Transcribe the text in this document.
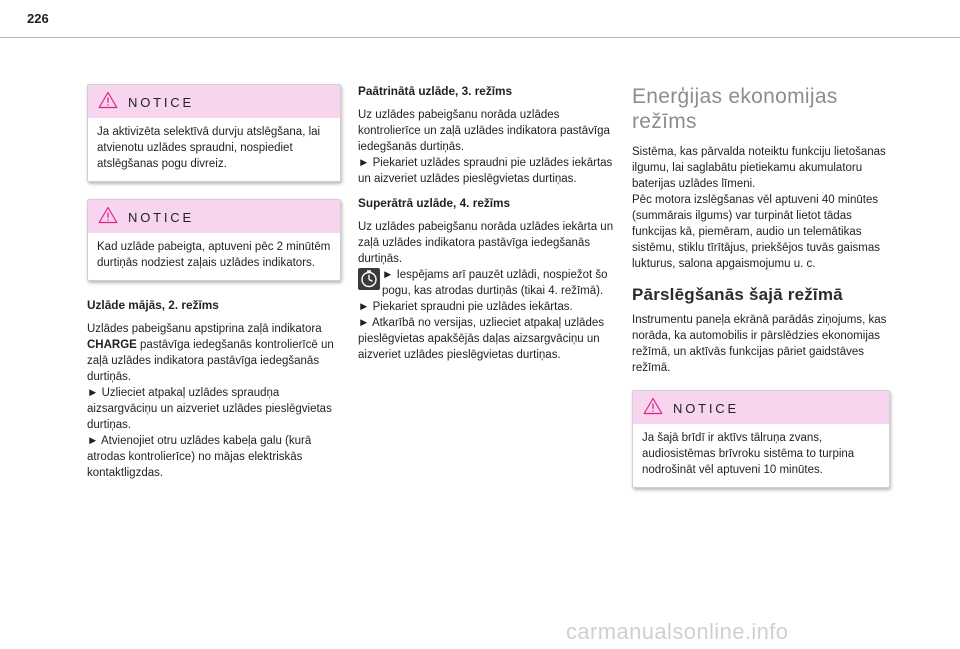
226
NOTICE
Ja aktivizēta selektīvā durvju atslēgšana, lai atvienotu uzlādes spraudni, nospiediet atslēgšanas pogu divreiz.
NOTICE
Kad uzlāde pabeigta, aptuveni pēc 2 minūtēm durtiņās nodziest zaļais uzlādes indikators.
Uzlāde mājās, 2. režīms

Uzlādes pabeigšanu apstiprina zaļā indikatora CHARGE pastāvīga iedegšanās kontrolierīcē un zaļā uzlādes indikatora pastāvīga iedegšanās durtiņās.

► Uzlieciet atpakaļ uzlādes spraudņa aizsargvāciņu un aizveriet uzlādes pieslēgvietas durtiņas.

► Atvienojiet otru uzlādes kabeļa galu (kurā atrodas kontrolierīce) no mājas elektriskās kontaktligzdas.

Paātrinātā uzlāde, 3. režīms

Uz uzlādes pabeigšanu norāda uzlādes kontrolierīce un zaļā uzlādes indikatora pastāvīga iedegšanās durtiņās.

► Piekariet uzlādes spraudni pie uzlādes iekārtas un aizveriet uzlādes pieslēgvietas durtiņas.

Superātrā uzlāde, 4. režīms

Uz uzlādes pabeigšanu norāda uzlādes iekārta un zaļā uzlādes indikatora pastāvīga iedegšanās durtiņās.

► Iespējams arī pauzēt uzlādi, nospiežot šo pogu, kas atrodas durtiņās (tikai 4. režīmā).

► Piekariet spraudni pie uzlādes iekārtas.

► Atkarībā no versijas, uzlieciet atpakaļ uzlādes pieslēgvietas apakšējās daļas aizsargvāciņu un aizveriet uzlādes pieslēgvietas durtiņas.

Enerģijas ekonomijas režīms

Sistēma, kas pārvalda noteiktu funkciju lietošanas ilgumu, lai saglabātu pietiekamu akumulatoru baterijas uzlādes līmeni.

Pēc motora izslēgšanas vēl aptuveni 40 minūtes (summārais ilgums) var turpināt lietot tādas funkcijas kā, piemēram, audio un telemātikas sistēmu, stiklu tīrītājus, priekšējos tuvās gaismas lukturus, salona apgaismojumu u. c.

Pārslēgšanās šajā režīmā

Instrumentu paneļa ekrānā parādās ziņojums, kas norāda, ka automobilis ir pārslēdzies ekonomijas režīmā, un aktīvās funkcijas pāriet gaidstāves režīmā.

NOTICE
Ja šajā brīdī ir aktīvs tālruņa zvans, audiosistēmas brīvroku sistēma to turpina nodrošināt vēl aptuveni 10 minūtes.
carmanualsonline.info
